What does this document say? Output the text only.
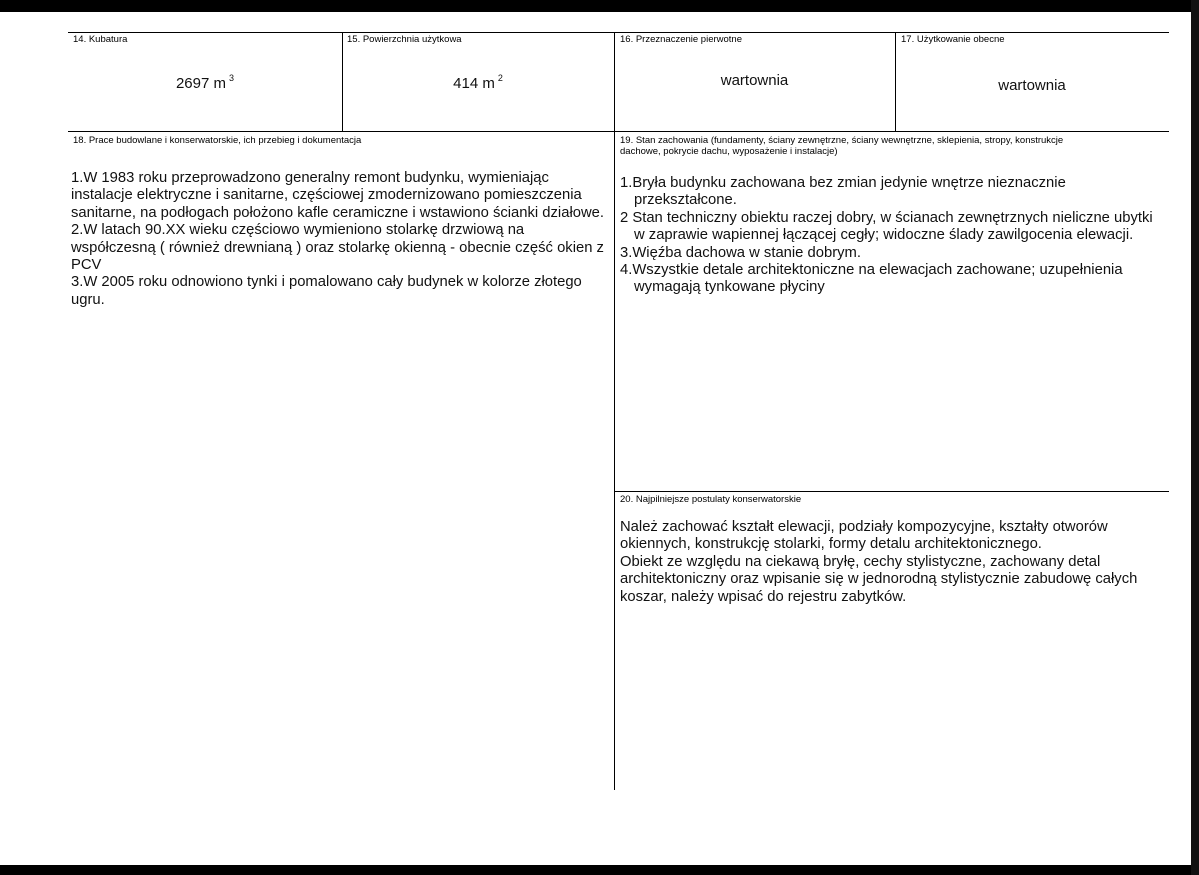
14. Kubatura	15. Powierzchnia użytkowa	16. Przeznaczenie pierwotne	17. Użytkowanie obecne
2697 m $^3$	414 m $^2$	wartownia	wartownia
18. Prace budowlane i konserwatorskie, ich przebieg i dokumentacja

1.W 1983 roku przeprowadzono generalny remont budynku, wymieniając instalacje elektryczne i sanitarne, częściowej zmodernizowano pomieszczenia sanitarne, na podłogach położono kafle ceramiczne i wstawiono ścianki działowe.

2.W latach 90.XX wieku częściowo wymieniono stolarkę drzwiową na współczesną ( również drewnianą ) oraz stolarkę okienną - obecnie część okien z PCV

3.W 2005 roku odnowiono tynki i pomalowano cały budynek w kolorze złotego ugru.

19. Stan zachowania (fundamenty, ściany zewnętrzne, ściany wewnętrzne, sklepienia, stropy, konstrukcje dachowe, pokrycie dachu, wyposażenie i instalacje)

1.Bryła budynku zachowana bez zmian jedynie wnętrze nieznacznie przekształcone.

2 Stan techniczny obiektu raczej dobry, w ścianach zewnętrznych nieliczne ubytki w zaprawie wapiennej łączącej cegły; widoczne ślady zawilgocenia elewacji.

3.Więźba dachowa w stanie dobrym.

4.Wszystkie detale architektoniczne na elewacjach zachowane; uzupełnienia wymagają tynkowane płyciny

20. Najpilniejsze postulaty konserwatorskie

Należ zachować kształt elewacji, podziały kompozycyjne, kształty otworów okiennych, konstrukcję stolarki, formy detalu architektonicznego.

Obiekt ze względu na ciekawą bryłę, cechy stylistyczne, zachowany detal architektoniczny oraz wpisanie się w jednorodną stylistycznie zabudowę całych koszar, należy wpisać do rejestru zabytków.
